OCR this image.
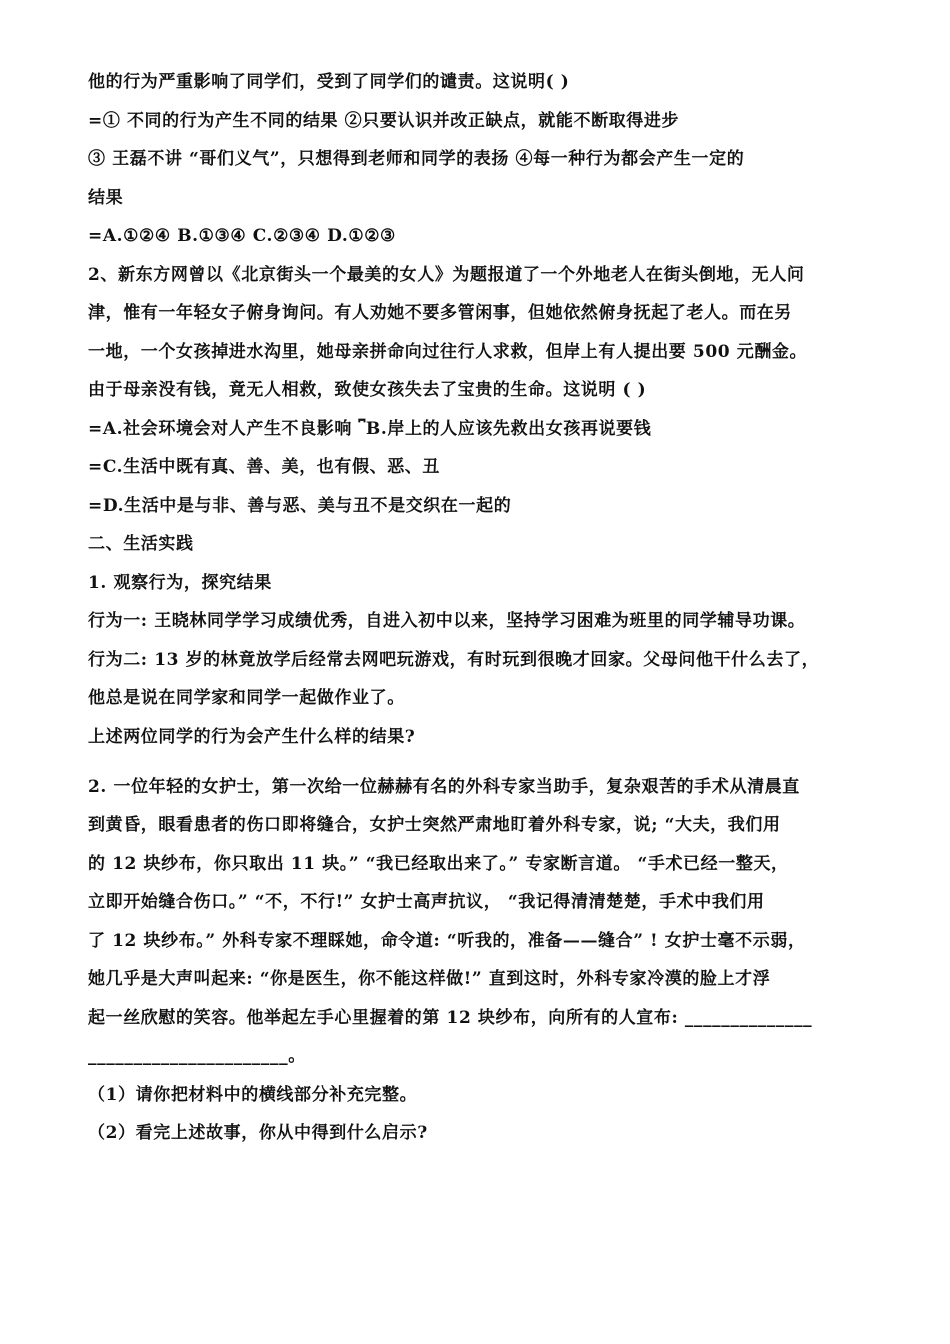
他的行为严重影响了同学们，受到了同学们的谴责。这说明( )
=① 不同的行为产生不同的结果 ②只要认识并改正缺点，就能不断取得进步
③ 王磊不讲 “哥们义气”，只想得到老师和同学的表扬 ④每一种行为都会产生一定的
结果
=A.①②④ B.①③④ C.②③④ D.①②③
2、新东方网曾以《北京街头一个最美的女人》为题报道了一个外地老人在街头倒地，无人问
津，惟有一年轻女子俯身询问。有人劝她不要多管闲事，但她依然俯身抚起了老人。而在另
一地，一个女孩掉进水沟里，她母亲拼命向过往行人求救，但岸上有人提出要 500 元酬金。
由于母亲没有钱，竟无人相救，致使女孩失去了宝贵的生命。这说明 ( )
=A.社会环境会对人产生不良影响 ⎴B.岸上的人应该先救出女孩再说要钱
=C.生活中既有真、善、美，也有假、恶、丑
=D.生活中是与非、善与恶、美与丑不是交织在一起的
二、生活实践
1. 观察行为，探究结果
行为一: 王晓林同学学习成绩优秀，自进入初中以来，坚持学习困难为班里的同学辅导功课。
行为二: 13 岁的林竟放学后经常去网吧玩游戏，有时玩到很晚才回家。父母问他干什么去了，
他总是说在同学家和同学一起做作业了。
上述两位同学的行为会产生什么样的结果?
2. 一位年轻的女护士，第一次给一位赫赫有名的外科专家当助手，复杂艰苦的手术从清晨直
到黄昏，眼看患者的伤口即将缝合，女护士突然严肃地盯着外科专家，说; “大夫，我们用
的 12 块纱布，你只取出 11 块。” “我已经取出来了。” 专家断言道。 “手术已经一整天，
立即开始缝合伤口。” “不，不行!” 女护士高声抗议， “我记得清清楚楚，手术中我们用
了 12 块纱布。” 外科专家不理睬她，命令道: “听我的，准备——缝合” ! 女护士毫不示弱，
她几乎是大声叫起来: “你是医生，你不能这样做!” 直到这时，外科专家冷漠的脸上才浮
起一丝欣慰的笑容。他举起左手心里握着的第 12 块纱布，向所有的人宣布: ______________
______________________。
（1）请你把材料中的横线部分补充完整。
（2）看完上述故事，你从中得到什么启示?
